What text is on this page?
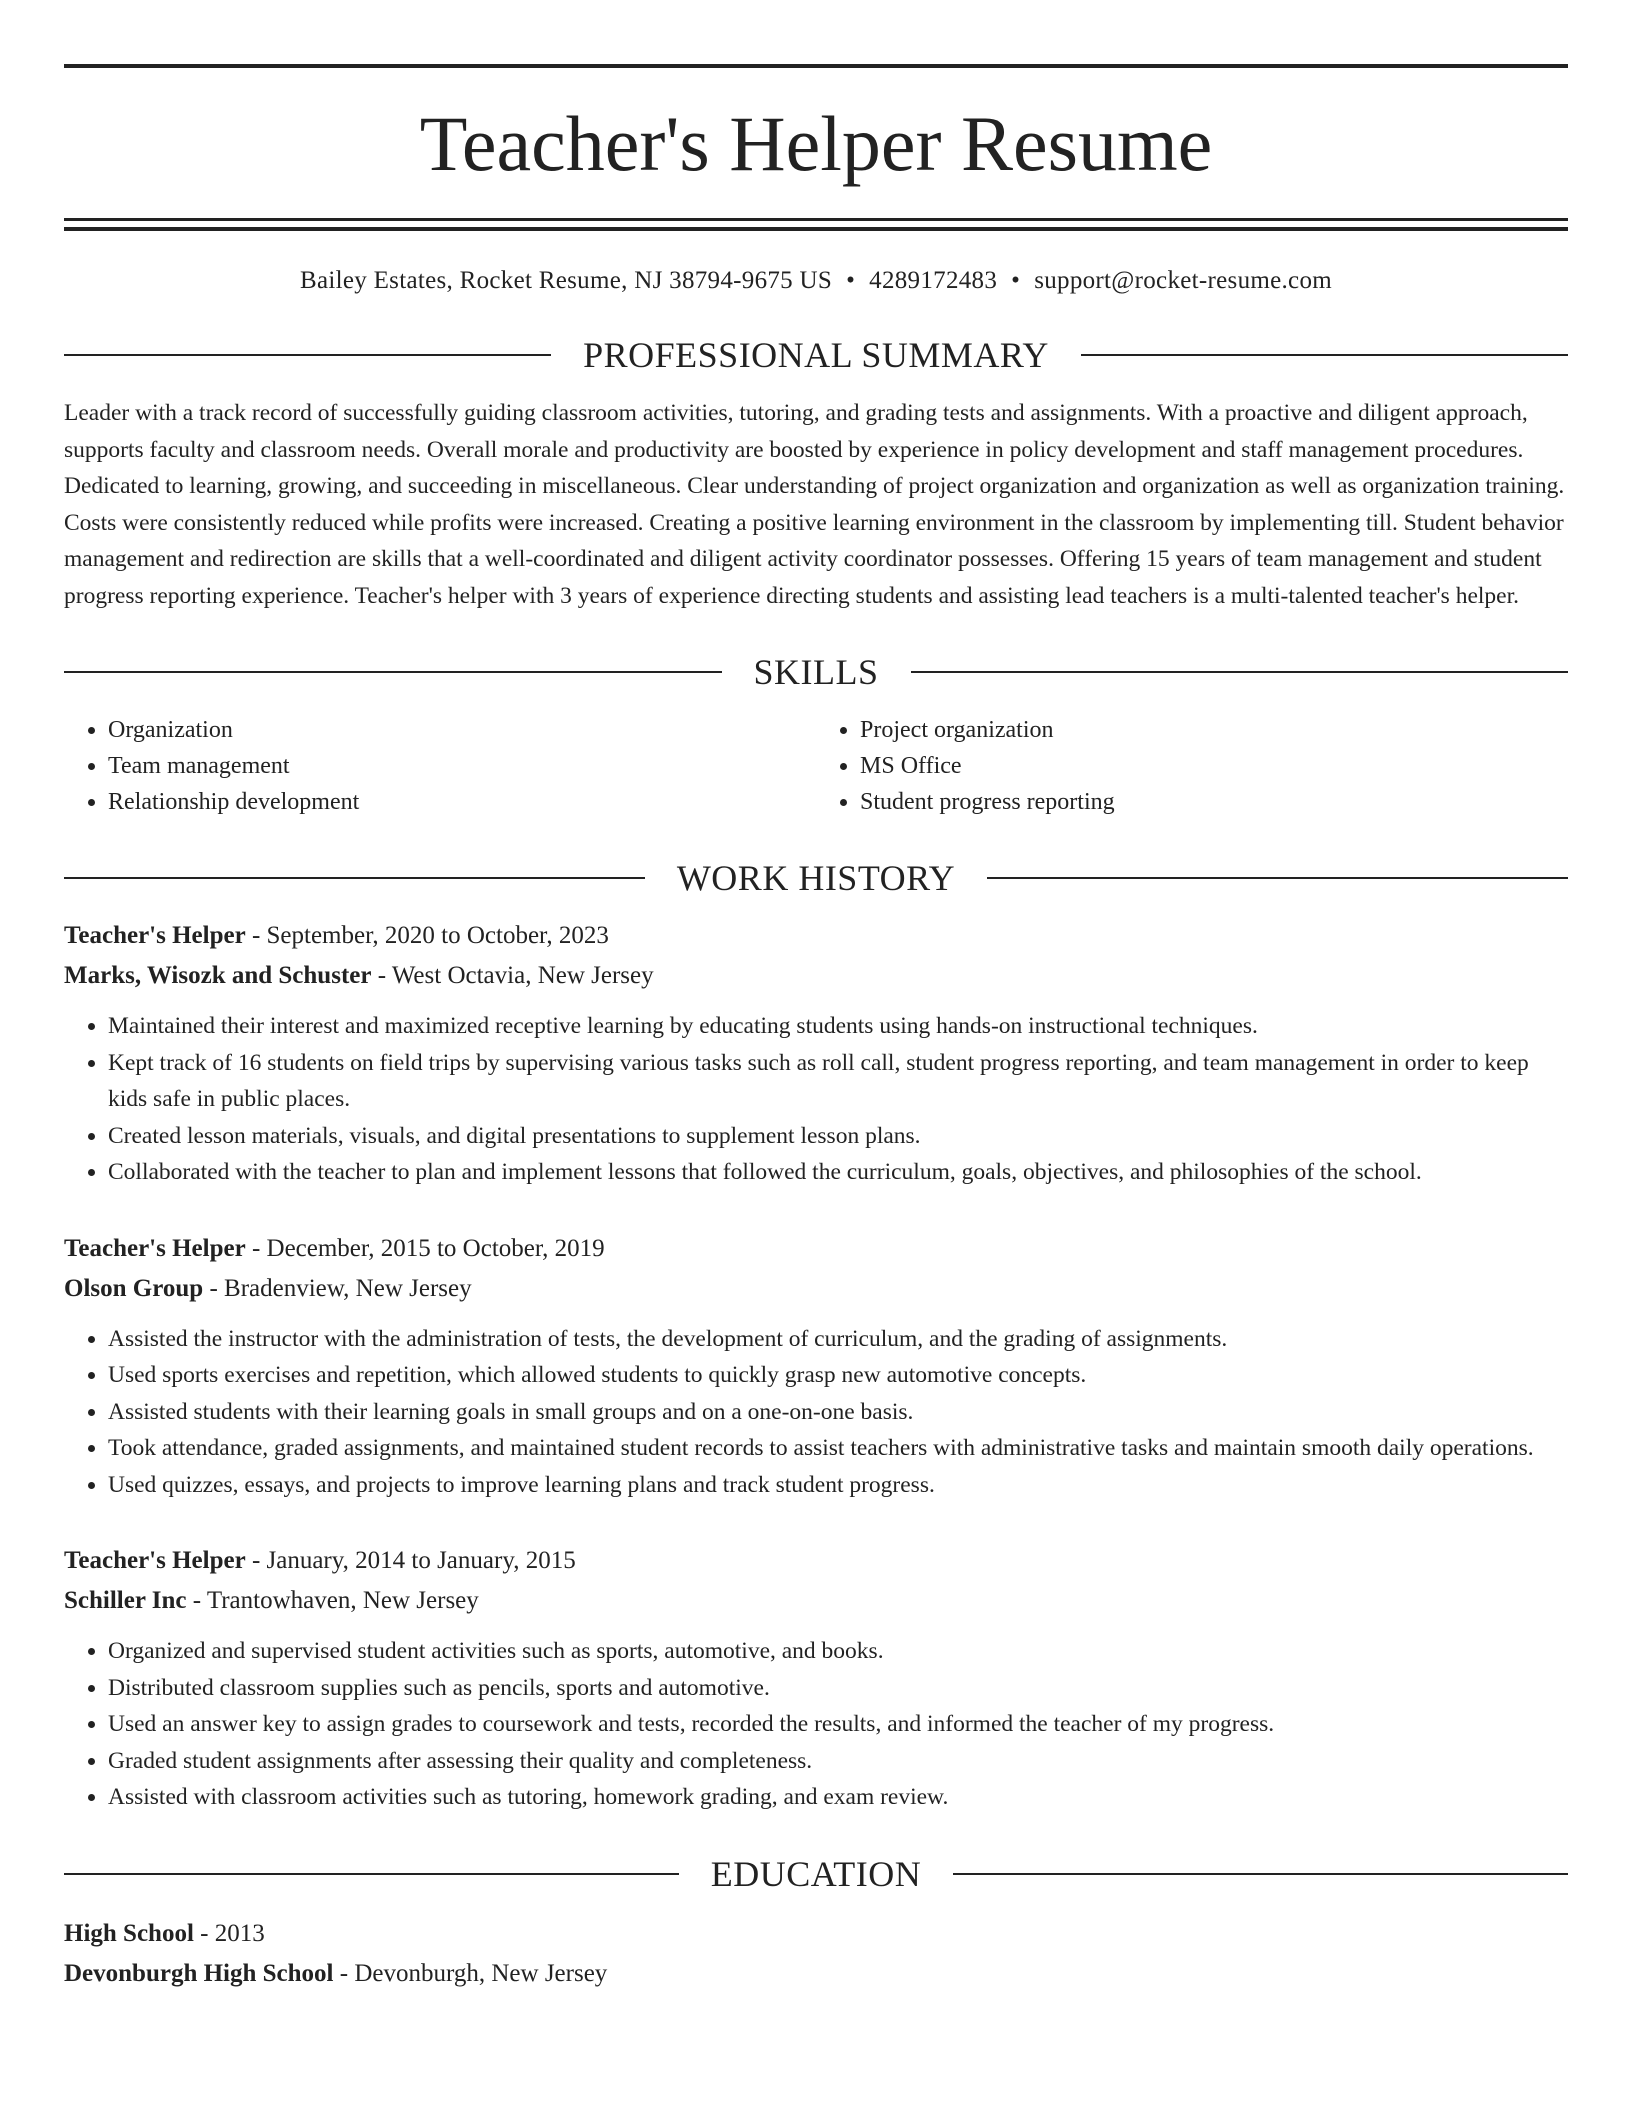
Teacher's Helper Resume
Bailey Estates, Rocket Resume, NJ 38794-9675 US • 4289172483 • support@rocket-resume.com
PROFESSIONAL SUMMARY

Leader with a track record of successfully guiding classroom activities, tutoring, and grading tests and assignments. With a proactive and diligent approach, supports faculty and classroom needs. Overall morale and productivity are boosted by experience in policy development and staff management procedures. Dedicated to learning, growing, and succeeding in miscellaneous. Clear understanding of project organization and organization as well as organization training. Costs were consistently reduced while profits were increased. Creating a positive learning environment in the classroom by implementing till. Student behavior management and redirection are skills that a well-coordinated and diligent activity coordinator possesses. Offering 15 years of team management and student progress reporting experience. Teacher's helper with 3 years of experience directing students and assisting lead teachers is a multi-talented teacher's helper.

SKILLS
• Organization
• Team management
• Relationship development
• Project organization
• MS Office
• Student progress reporting
WORK HISTORY
Teacher's Helper - September, 2020 to October, 2023
Marks, Wisozk and Schuster - West Octavia, New Jersey
• Maintained their interest and maximized receptive learning by educating students using hands-on instructional techniques.
• Kept track of 16 students on field trips by supervising various tasks such as roll call, student progress reporting, and team management in order to keep kids safe in public places.
• Created lesson materials, visuals, and digital presentations to supplement lesson plans.
• Collaborated with the teacher to plan and implement lessons that followed the curriculum, goals, objectives, and philosophies of the school.
Teacher's Helper - December, 2015 to October, 2019
Olson Group - Bradenview, New Jersey
• Assisted the instructor with the administration of tests, the development of curriculum, and the grading of assignments.
• Used sports exercises and repetition, which allowed students to quickly grasp new automotive concepts.
• Assisted students with their learning goals in small groups and on a one-on-one basis.
• Took attendance, graded assignments, and maintained student records to assist teachers with administrative tasks and maintain smooth daily operations.
• Used quizzes, essays, and projects to improve learning plans and track student progress.
Teacher's Helper - January, 2014 to January, 2015
Schiller Inc - Trantowhaven, New Jersey
• Organized and supervised student activities such as sports, automotive, and books.
• Distributed classroom supplies such as pencils, sports and automotive.
• Used an answer key to assign grades to coursework and tests, recorded the results, and informed the teacher of my progress.
• Graded student assignments after assessing their quality and completeness.
• Assisted with classroom activities such as tutoring, homework grading, and exam review.
EDUCATION
High School - 2013
Devonburgh High School - Devonburgh, New Jersey
